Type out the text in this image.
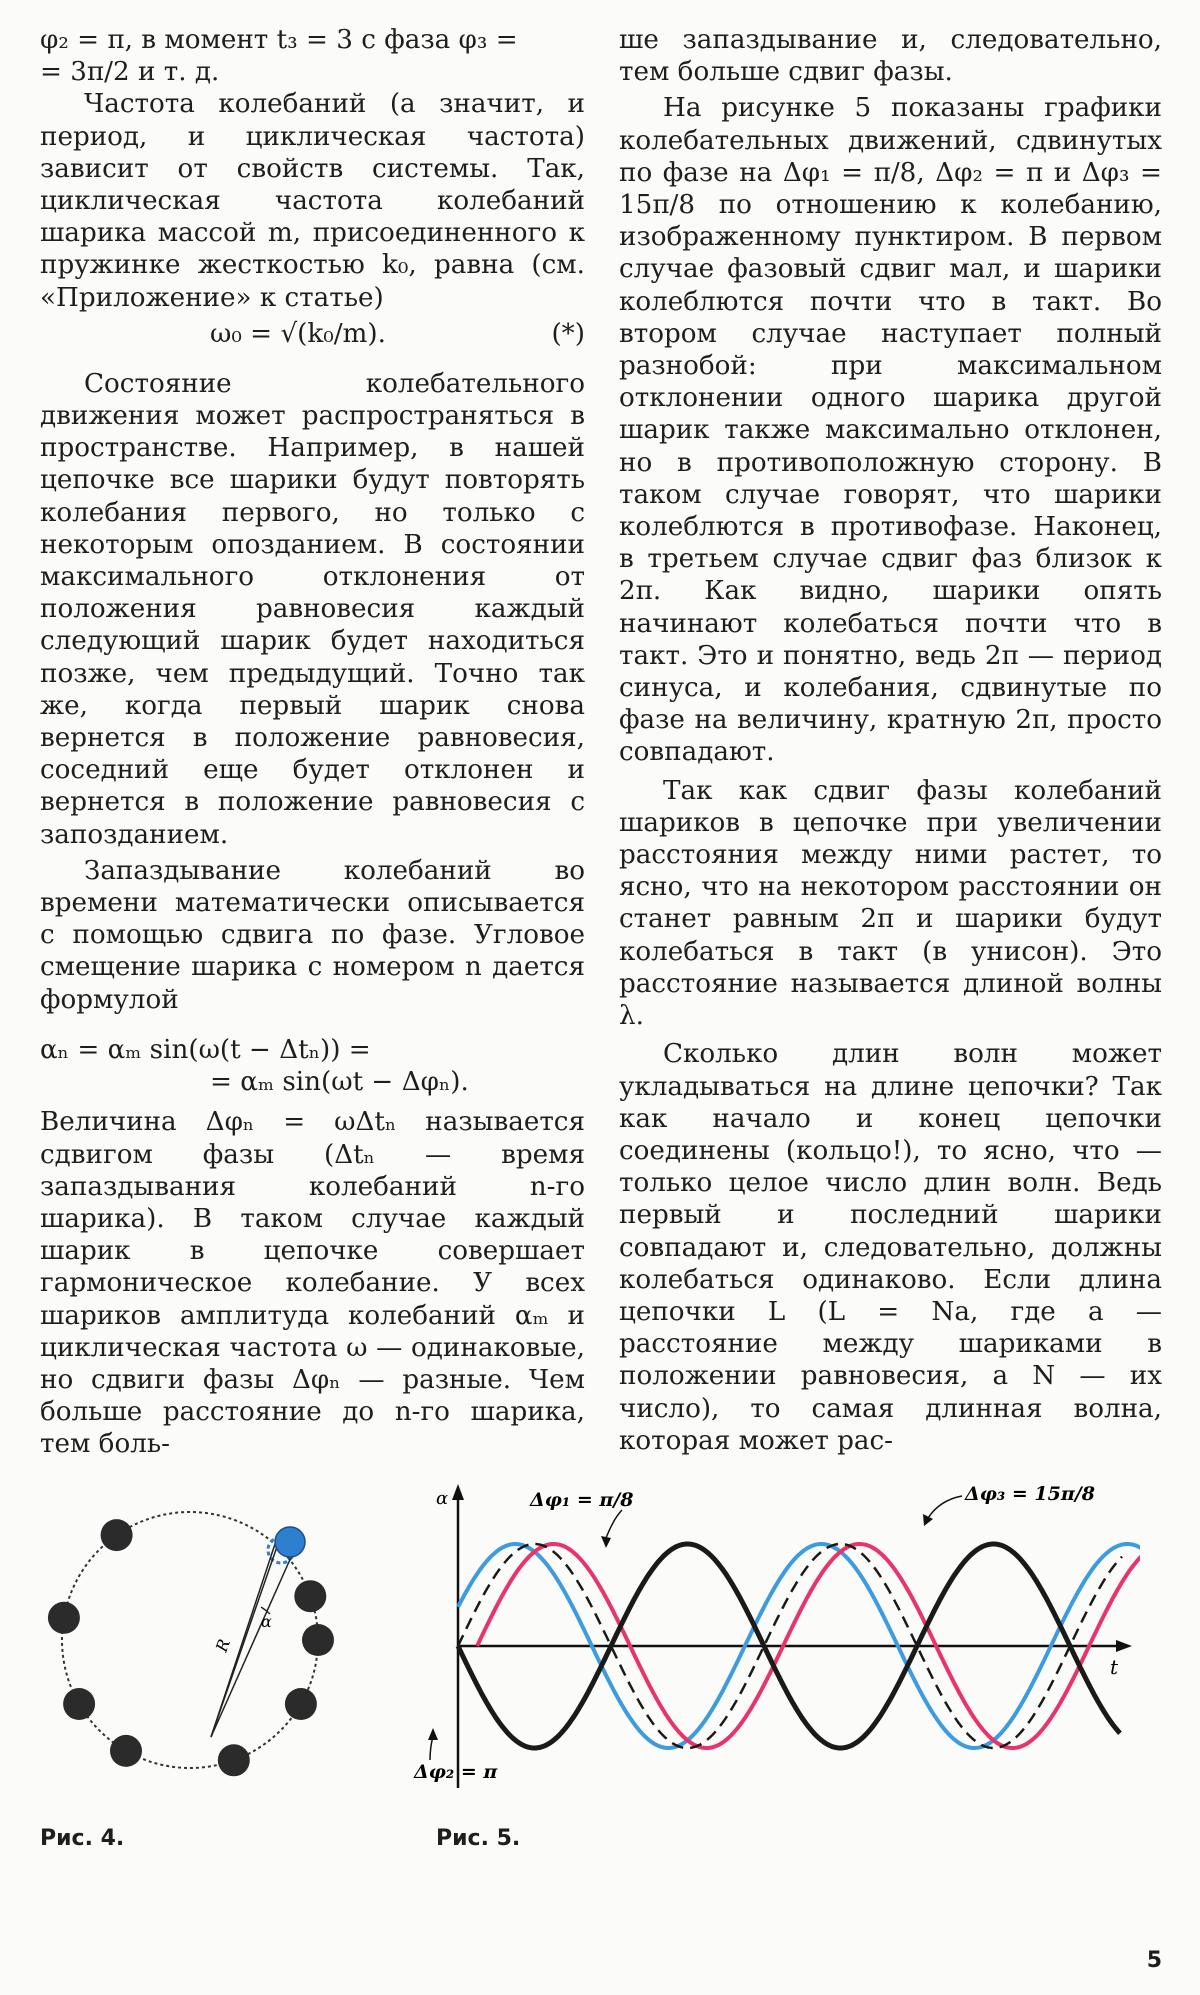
φ₂ = π, в момент t₃ = 3 с фаза φ₃ =

= 3π/2 и т. д.

Частота колебаний (а значит, и период, и циклическая частота) зависит от свойств системы. Так, циклическая частота колебаний шарика массой m, присоединенного к пружинке жесткостью k₀, равна (см. «Приложение» к статье)

ω₀ = √(k₀/m).	(*)

Состояние колебательного движения может распространяться в пространстве. Например, в нашей цепочке все шарики будут повторять колебания первого, но только с некоторым опозданием. В состоянии максимального отклонения от положения равновесия каждый следующий шарик будет находиться позже, чем предыдущий. Точно так же, когда первый шарик снова вернется в положение равновесия, соседний еще будет отклонен и вернется в положение равновесия с запозданием.

Запаздывание колебаний во времени математически описывается с помощью сдвига по фазе. Угловое смещение шарика с номером n дается формулой

αₙ = αₘ sin(ω(t − Δtₙ)) =
= αₘ sin(ωt − Δφₙ).

Величина Δφₙ = ωΔtₙ называется сдвигом фазы (Δtₙ — время запаздывания колебаний n-го шарика). В таком случае каждый шарик в цепочке совершает гармоническое колебание. У всех шариков амплитуда колебаний αₘ и циклическая частота ω — одинаковые, но сдвиги фазы Δφₙ — разные. Чем больше расстояние до n-го шарика, тем боль-

ше запаздывание и, следовательно, тем больше сдвиг фазы.

На рисунке 5 показаны графики колебательных движений, сдвинутых по фазе на Δφ₁ = π/8, Δφ₂ = π и Δφ₃ = 15π/8 по отношению к колебанию, изображенному пунктиром. В первом случае фазовый сдвиг мал, и шарики колеблются почти что в такт. Во втором случае наступает полный разнобой: при максимальном отклонении одного шарика другой шарик также максимально отклонен, но в противоположную сторону. В таком случае говорят, что шарики колеблются в противофазе. Наконец, в третьем случае сдвиг фаз близок к 2π. Как видно, шарики опять начинают колебаться почти что в такт. Это и понятно, ведь 2π — период синуса, и колебания, сдвинутые по фазе на величину, кратную 2π, просто совпадают.

Так как сдвиг фазы колебаний шариков в цепочке при увеличении расстояния между ними растет, то ясно, что на некотором расстоянии он станет равным 2π и шарики будут колебаться в такт (в унисон). Это расстояние называется длиной волны λ.

Сколько длин волн может укладываться на длине цепочки? Так как начало и конец цепочки соединены (кольцо!), то ясно, что — только целое число длин волн. Ведь первый и последний шарики совпадают и, следовательно, должны колебаться одинаково. Если длина цепочки L (L = Na, где a — расстояние между шариками в положении равновесия, а N — их число), то самая длинная волна, которая может рас-

R
α
Рис. 4.
α
t
Δφ₁ = π/8	Δφ₃ = 15π/8
Δφ₂ = π
Рис. 5.
5
